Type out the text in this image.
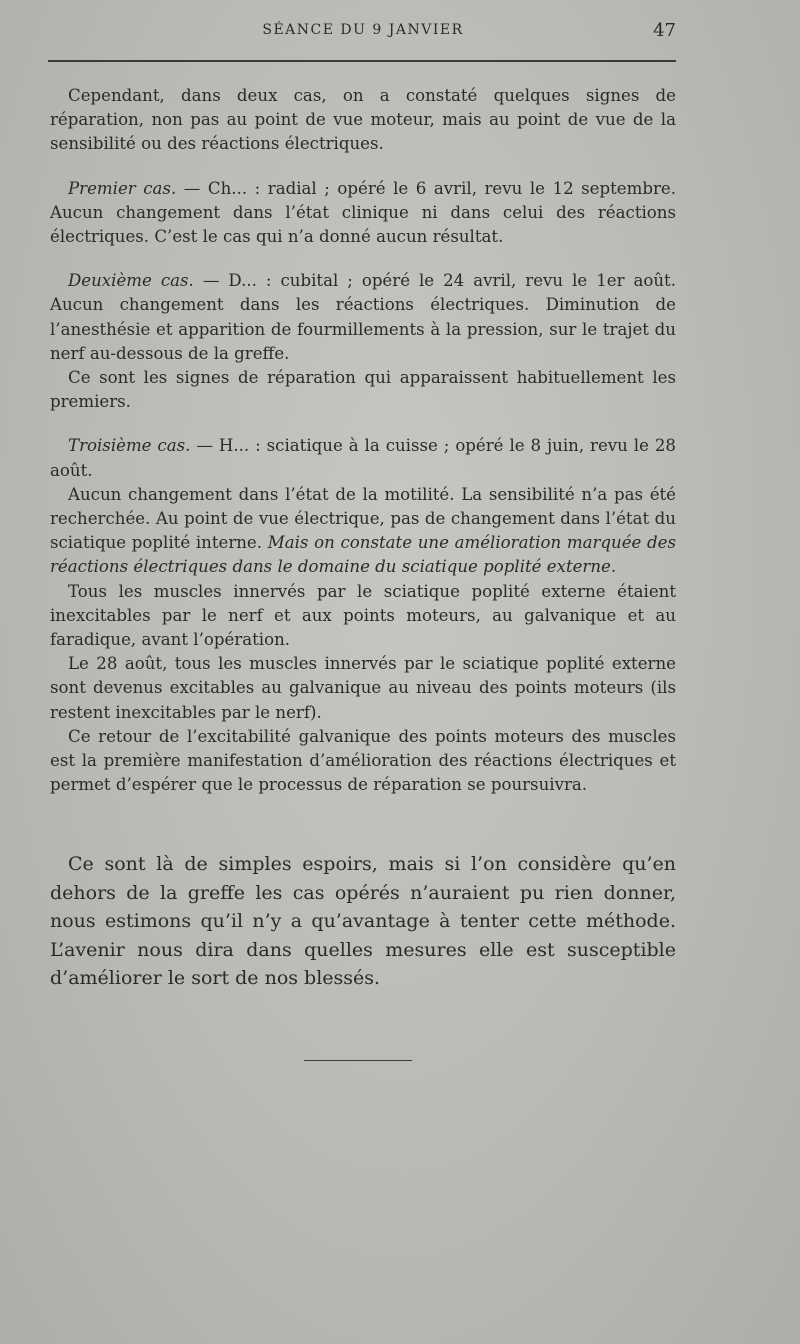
SÉANCE DU 9 JANVIER	47

Cependant, dans deux cas, on a constaté quelques signes de réparation, non pas au point de vue moteur, mais au point de vue de la sensibilité ou des réactions électriques.

Premier cas. — Ch... : radial ; opéré le 6 avril, revu le 12 septembre. Aucun changement dans l’état clinique ni dans celui des réactions électriques. C’est le cas qui n’a donné aucun résultat.

Deuxième cas. — D... : cubital ; opéré le 24 avril, revu le 1er août. Aucun changement dans les réactions électriques. Diminution de l’anesthésie et apparition de fourmillements à la pression, sur le trajet du nerf au-dessous de la greffe.

Ce sont les signes de réparation qui apparaissent habituellement les premiers.

Troisième cas. — H... : sciatique à la cuisse ; opéré le 8 juin, revu le 28 août.

Aucun changement dans l’état de la motilité. La sensibilité n’a pas été recherchée. Au point de vue électrique, pas de changement dans l’état du sciatique poplité interne. Mais on constate une amélioration marquée des réactions électriques dans le domaine du sciatique poplité externe.

Tous les muscles innervés par le sciatique poplité externe étaient inexcitables par le nerf et aux points moteurs, au galvanique et au faradique, avant l’opération.

Le 28 août, tous les muscles innervés par le sciatique poplité externe sont devenus excitables au galvanique au niveau des points moteurs (ils restent inexcitables par le nerf).

Ce retour de l’excitabilité galvanique des points moteurs des muscles est la première manifestation d’amélioration des réactions électriques et permet d’espérer que le processus de réparation se poursuivra.

Ce sont là de simples espoirs, mais si l’on considère qu’en dehors de la greffe les cas opérés n’auraient pu rien donner, nous estimons qu’il n’y a qu’avantage à tenter cette méthode. L’avenir nous dira dans quelles mesures elle est susceptible d’améliorer le sort de nos blessés.
